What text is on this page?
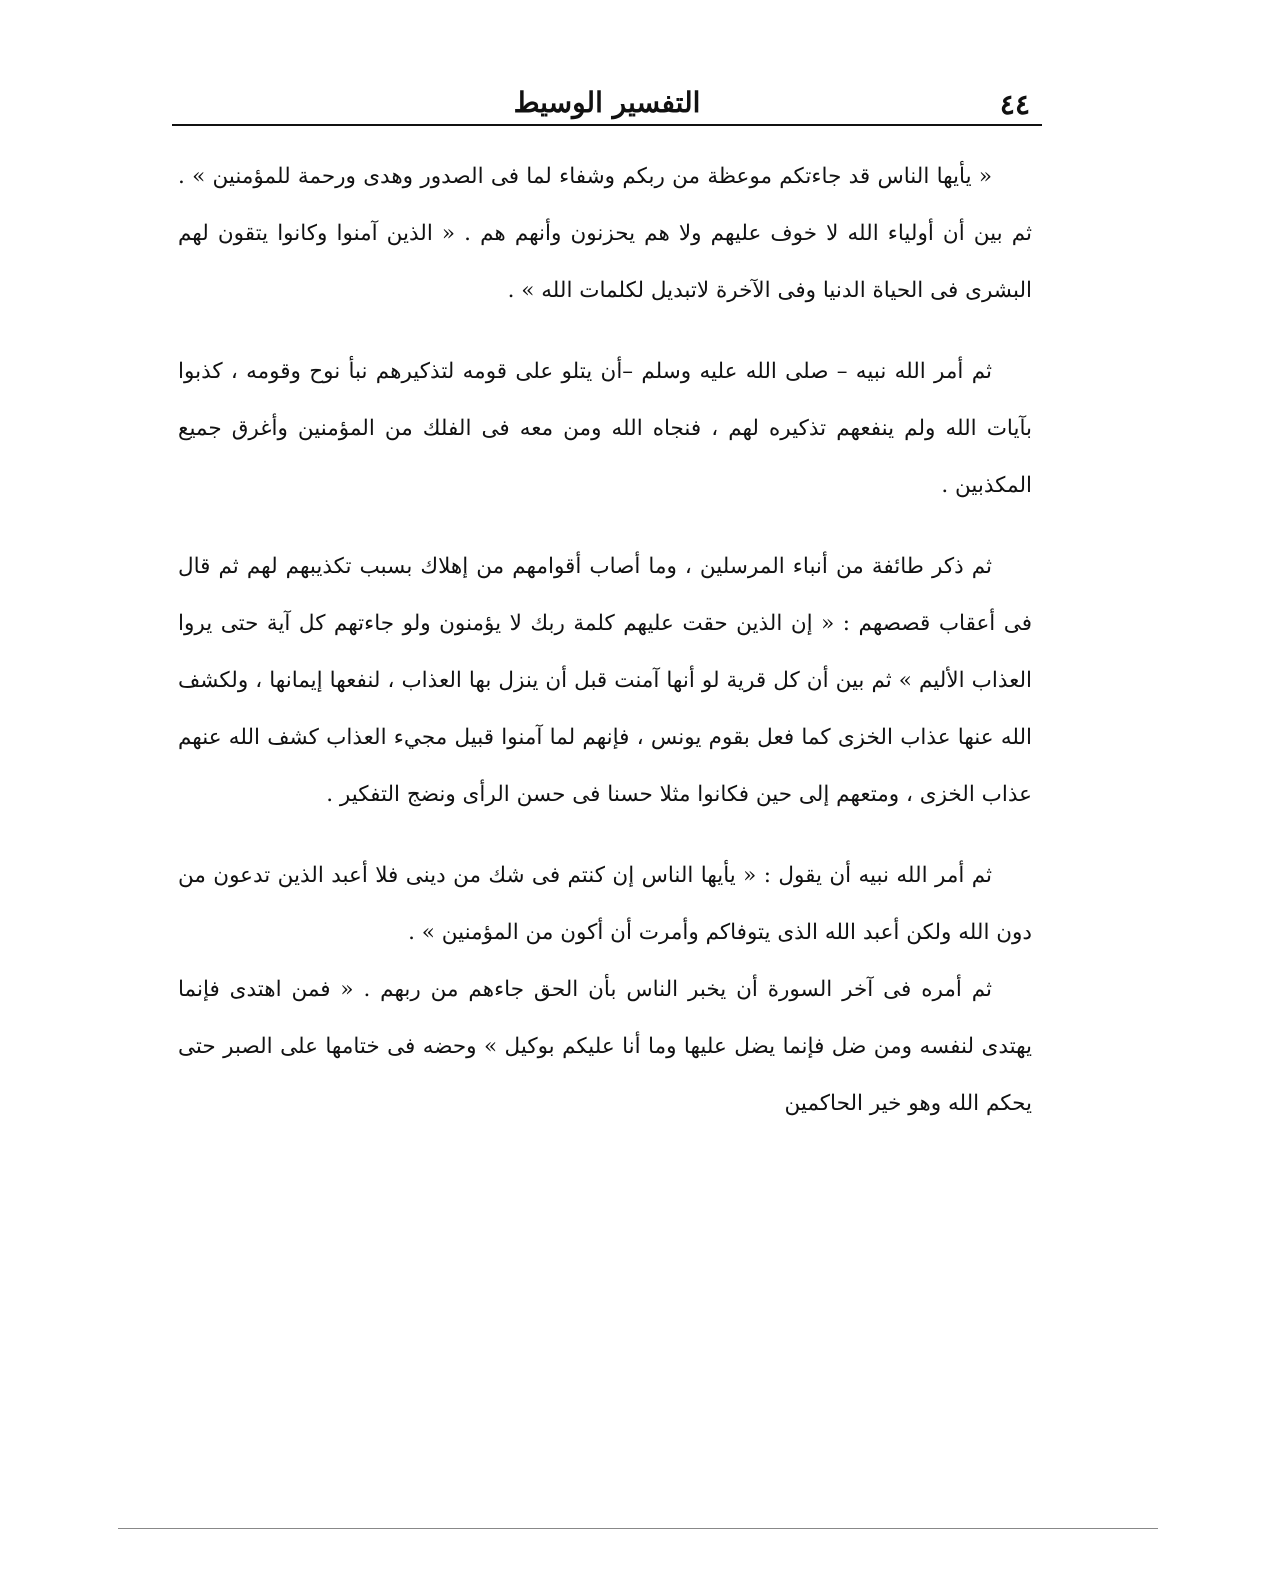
٤٤
التفسير الوسيط

« يأيها الناس قد جاءتكم موعظة من ربكم وشفاء لما فى الصدور وهدى ورحمة للمؤمنين » . ثم بين أن أولياء الله لا خوف عليهم ولا هم يحزنون وأنهم هم . « الذين آمنوا وكانوا يتقون لهم البشرى فى الحياة الدنيا وفى الآخرة لاتبديل لكلمات الله » .

ثم أمر الله نبيه – صلى الله عليه وسلم –أن يتلو على قومه لتذكيرهم نبأ نوح وقومه ، كذبوا بآيات الله ولم ينفعهم تذكيره لهم ، فنجاه الله ومن معه فى الفلك من المؤمنين وأغرق جميع المكذبين .

ثم ذكر طائفة من أنباء المرسلين ، وما أصاب أقوامهم من إهلاك بسبب تكذيبهم لهم ثم قال فى أعقاب قصصهم : « إن الذين حقت عليهم كلمة ربك لا يؤمنون ولو جاءتهم كل آية حتى يروا العذاب الأليم » ثم بين أن كل قرية لو أنها آمنت قبل أن ينزل بها العذاب ، لنفعها إيمانها ، ولكشف الله عنها عذاب الخزى كما فعل بقوم يونس ، فإنهم لما آمنوا قبيل مجيء العذاب كشف الله عنهم عذاب الخزى ، ومتعهم إلى حين فكانوا مثلا حسنا فى حسن الرأى ونضج التفكير .

ثم أمر الله نبيه أن يقول : « يأيها الناس إن كنتم فى شك من دينى فلا أعبد الذين تدعون من دون الله ولكن أعبد الله الذى يتوفاكم وأمرت أن أكون من المؤمنين » .

ثم أمره فى آخر السورة أن يخبر الناس بأن الحق جاءهم من ربهم . « فمن اهتدى فإنما يهتدى لنفسه ومن ضل فإنما يضل عليها وما أنا عليكم بوكيل » وحضه فى ختامها على الصبر حتى يحكم الله وهو خير الحاكمين
